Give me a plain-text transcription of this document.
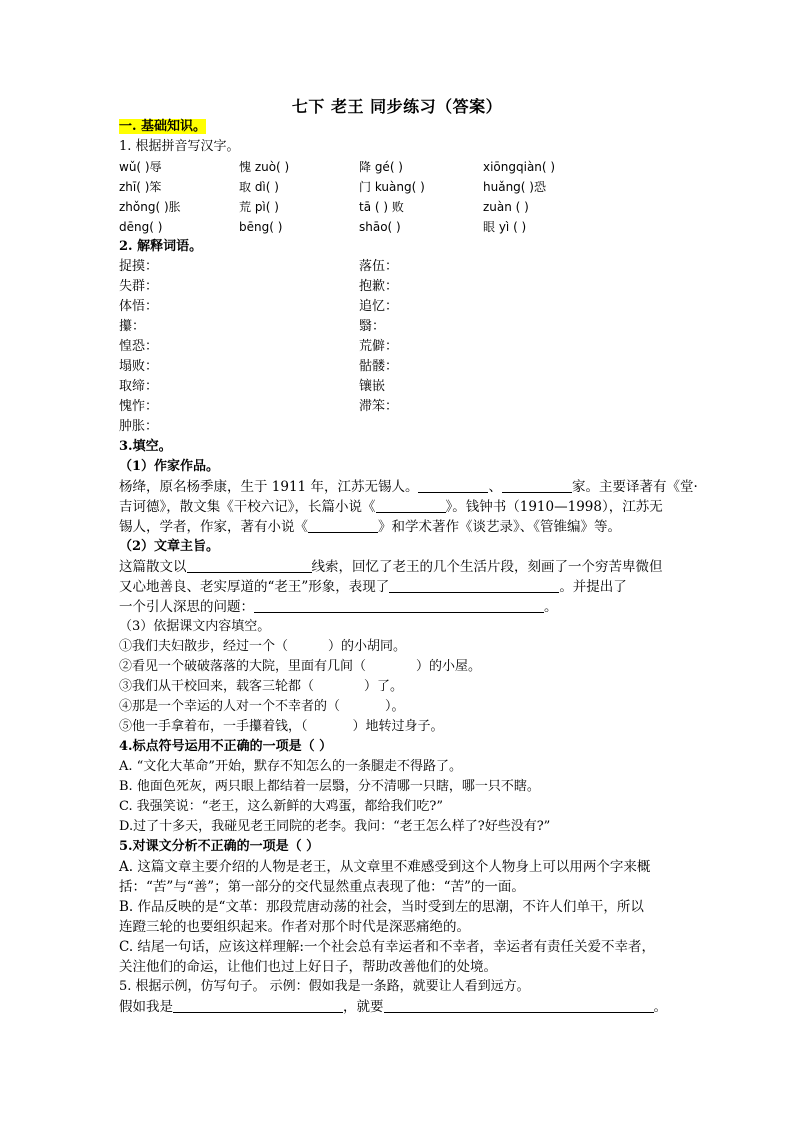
七下 老王 同步练习（答案）
一. 基础知识。
1. 根据拼音写汉字。
wǔ( )辱	愧 zuò( )	降 gé( )	xiōngqiàn( )
zhī( )笨	取 dì( )	门 kuàng( )	huǎng( )恐
zhǒng( )胀	荒 pì( )	tā ( ) 败	zuàn ( )
dēng( )	bēng( )	shāo( )	眼 yì ( )
2. 解释词语。
捉摸：	落伍：
失群：	抱歉：
体悟：	追忆：
攥：	翳：
惶恐：	荒僻：
塌败：	骷髅：
取缔：	镶嵌
愧怍：	滞笨：
肿胀：
3.填空。
（1）作家作品。
杨绛，原名杨季康，生于 1911 年，江苏无锡人。	、	家。主要译著有《堂·
吉诃德》，散文集《干校六记》，长篇小说《	》。钱钟书（1910—1998），江苏无
锡人，学者，作家，著有小说《	》和学术著作《谈艺录》、《管锥编》等。
（2）文章主旨。
这篇散文以	线索，回忆了老王的几个生活片段，刻画了一个穷苦卑微但
又心地善良、老实厚道的“老王”形象，表现了	。并提出了
一个引人深思的问题：	。
（3）依据课文内容填空。
①我们夫妇散步，经过一个（	）的小胡同。
②看见一个破破落落的大院，里面有几间（	）的小屋。
③我们从干校回来，载客三轮都（	）了。
④那是一个幸运的人对一个不幸者的（	）。
⑤他一手拿着布，一手攥着钱，（	）地转过身子。
4.标点符号运用不正确的一项是（ ）
A. “文化大革命”开始，默存不知怎么的一条腿走不得路了。
B. 他面色死灰，两只眼上都结着一层翳，分不清哪一只瞎，哪一只不瞎。
C. 我强笑说：“老王，这么新鲜的大鸡蛋，都给我们吃?”
D.过了十多天，我碰见老王同院的老李。我问：“老王怎么样了?好些没有?”
5.对课文分析不正确的一项是（ ）
A. 这篇文章主要介绍的人物是老王，从文章里不难感受到这个人物身上可以用两个字来概
括：“苦”与“善”；第一部分的交代显然重点表现了他：“苦”的一面。
B. 作品反映的是“文革：那段荒唐动荡的社会，当时受到左的思潮，不许人们单干，所以
连蹬三轮的也要组织起来。作者对那个时代是深恶痛绝的。
C. 结尾一句话，应该这样理解:一个社会总有幸运者和不幸者，幸运者有责任关爱不幸者，
关注他们的命运，让他们也过上好日子，帮助改善他们的处境。
5. 根据示例，仿写句子。 示例：假如我是一条路，就要让人看到远方。
假如我是	，就要	。
